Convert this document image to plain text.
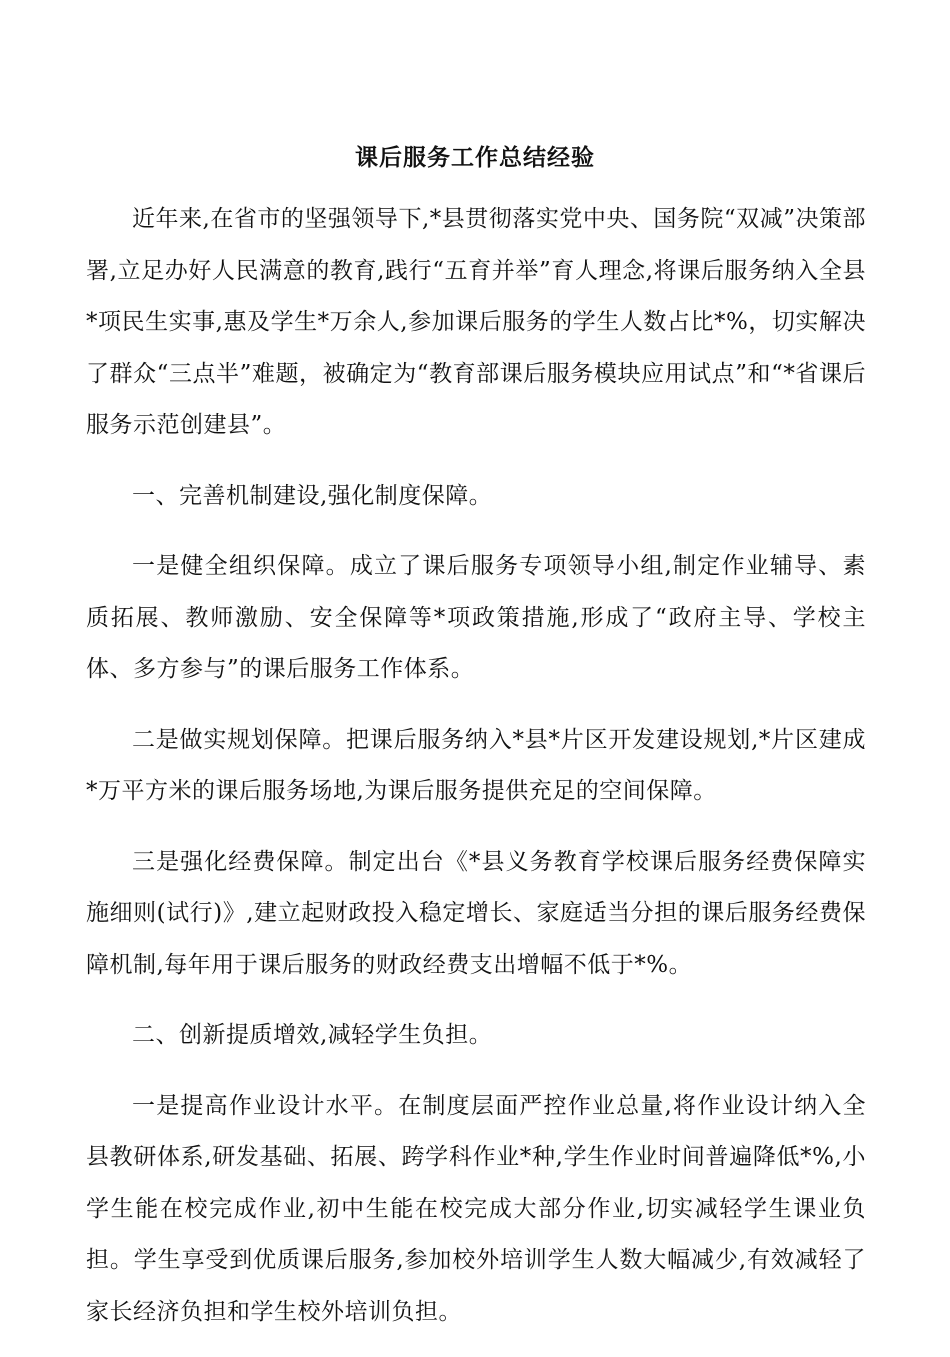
课后服务工作总结经验

近年来,在省市的坚强领导下,*县贯彻落实党中央、国务院“双减”决策部署,立足办好人民满意的教育,践行“五育并举”育人理念,将课后服务纳入全县*项民生实事,惠及学生*万余人,参加课后服务的学生人数占比*%，切实解决了群众“三点半”难题，被确定为“教育部课后服务模块应用试点”和“*省课后服务示范创建县”。

一、完善机制建设,强化制度保障。

一是健全组织保障。成立了课后服务专项领导小组,制定作业辅导、素质拓展、教师激励、安全保障等*项政策措施,形成了“政府主导、学校主体、多方参与”的课后服务工作体系。

二是做实规划保障。把课后服务纳入*县*片区开发建设规划,*片区建成*万平方米的课后服务场地,为课后服务提供充足的空间保障。

三是强化经费保障。制定出台《*县义务教育学校课后服务经费保障实施细则(试行)》,建立起财政投入稳定增长、家庭适当分担的课后服务经费保障机制,每年用于课后服务的财政经费支出增幅不低于*%。

二、创新提质增效,减轻学生负担。

一是提高作业设计水平。在制度层面严控作业总量,将作业设计纳入全县教研体系,研发基础、拓展、跨学科作业*种,学生作业时间普遍降低*%,小学生能在校完成作业,初中生能在校完成大部分作业,切实减轻学生课业负担。学生享受到优质课后服务,参加校外培训学生人数大幅减少,有效减轻了家长经济负担和学生校外培训负担。
